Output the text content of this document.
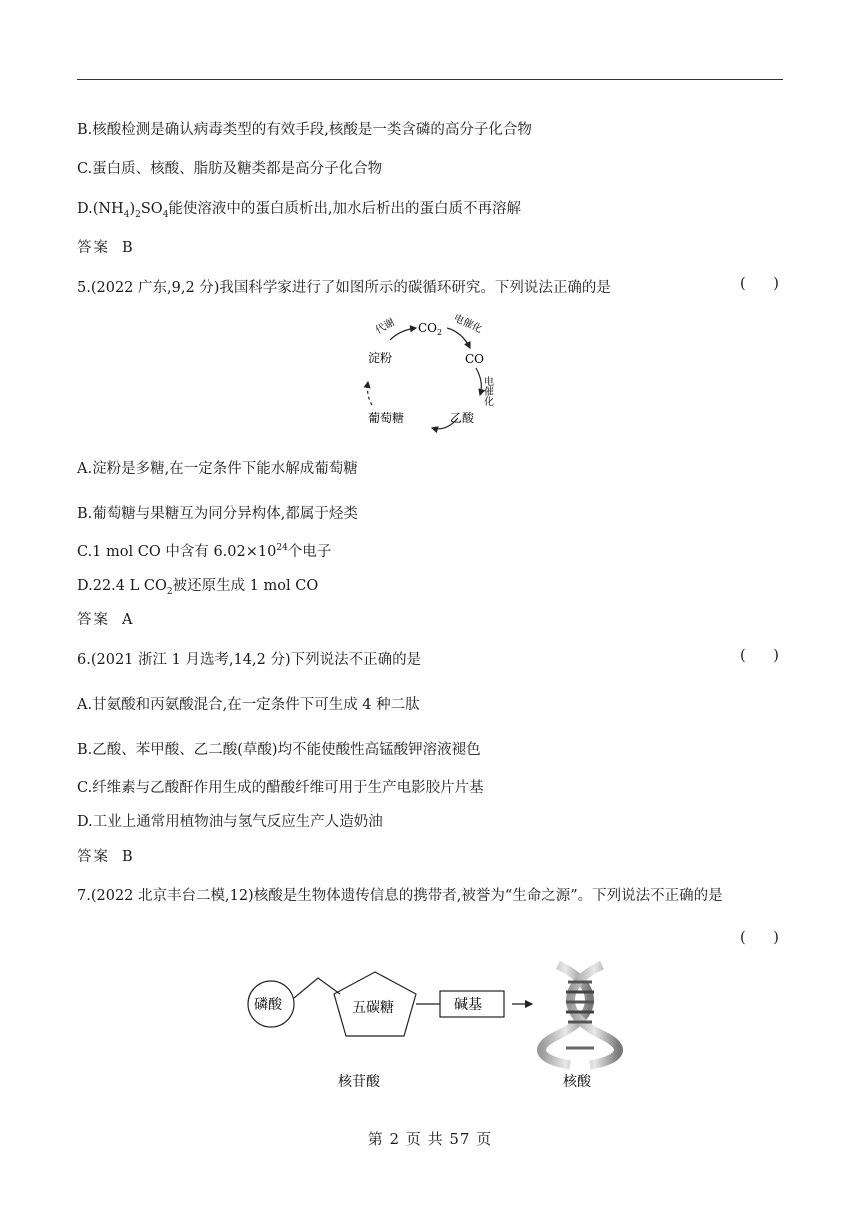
B.核酸检测是确认病毒类型的有效手段,核酸是一类含磷的高分子化合物
C.蛋白质、核酸、脂肪及糖类都是高分子化合物
$D.(NH_4)_2SO_4$能使溶液中的蛋白质析出,加水后析出的蛋白质不再溶解
答案 B
5.(2022 广东,9,2 分)我国科学家进行了如图所示的碳循环研究。下列说法正确的是	(      )
$CO_2$
CO
淀粉
葡萄糖	乙酸
代谢	电催化
电催化
A.淀粉是多糖,在一定条件下能水解成葡萄糖
B.葡萄糖与果糖互为同分异构体,都属于烃类
C.1 mol CO 中含有 $6.02\times 10^{24}$个电子
D.22.4 L $CO_2$被还原生成 1 mol CO
答案 A
6.(2021 浙江 1 月选考,14,2 分)下列说法不正确的是	(      )
A.甘氨酸和丙氨酸混合,在一定条件下可生成 4 种二肽
B.乙酸、苯甲酸、乙二酸(草酸)均不能使酸性高锰酸钾溶液褪色
C.纤维素与乙酸酐作用生成的醋酸纤维可用于生产电影胶片片基
D.工业上通常用植物油与氢气反应生产人造奶油
答案 B
7.(2022 北京丰台二模,12)核酸是生物体遗传信息的携带者,被誉为“生命之源”。下列说法不正确的是
(      )
磷酸	五碳糖	碱基
核苷酸	核酸
第 2 页 共 57 页
